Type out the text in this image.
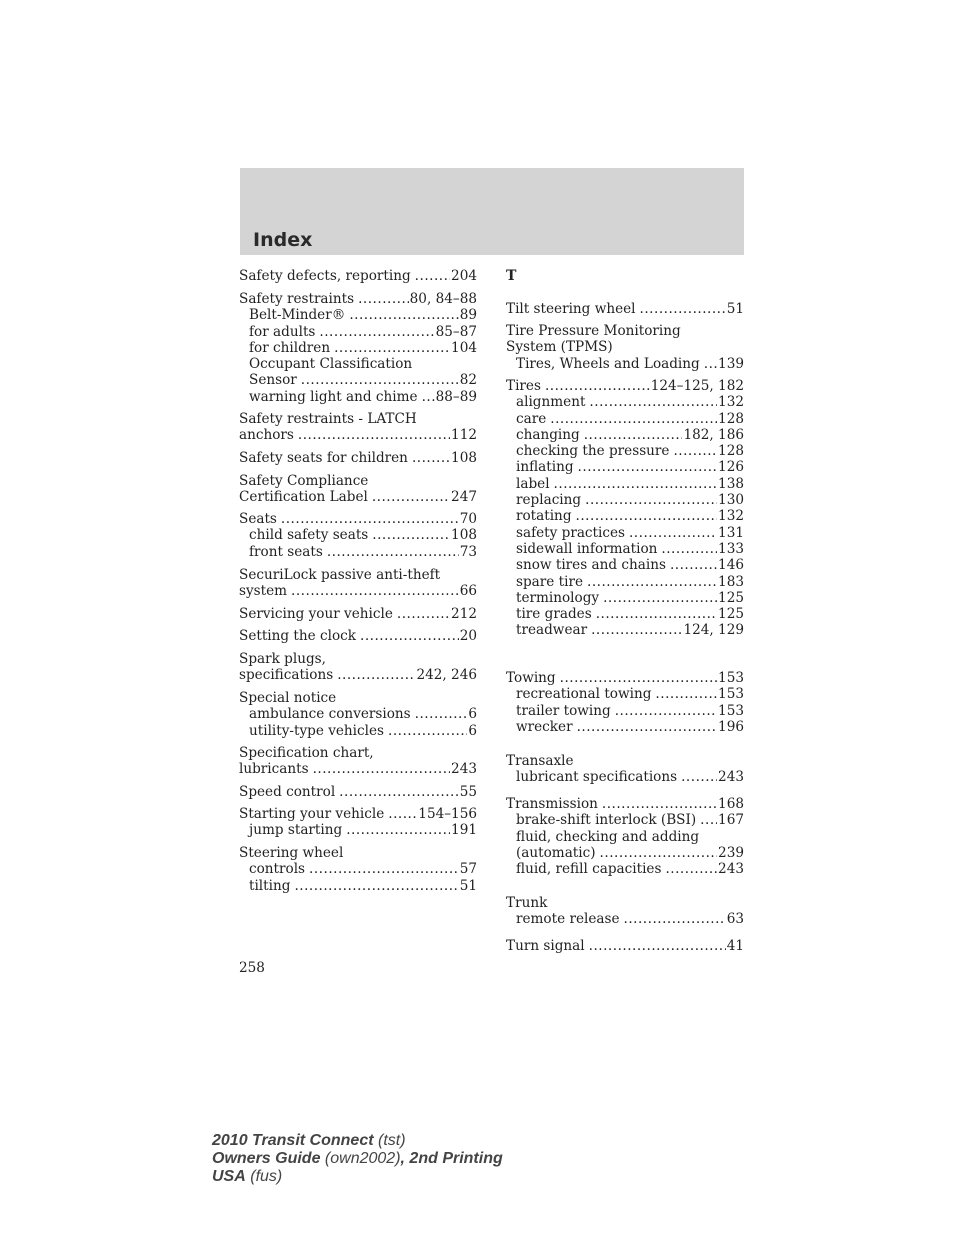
Index
Safety defects, reporting .....	204
Safety restraints .....	80, 84–88
Belt-Minder® .....	89
for adults .....	85–87
for children .....	104
Occupant Classification
Sensor .....	82
warning light and chime ..... 88–89
Safety restraints - LATCH
anchors .....	112
Safety seats for children .....	108
Safety Compliance
Certification Label .....	247
Seats .....	70
child safety seats .....	108
front seats .....	73
SecuriLock passive anti-theft
system .....	66
Servicing your vehicle .....	212
Setting the clock .....	20
Spark plugs,
specifications .....	242, 246
Special notice
ambulance conversions .....	6
utility-type vehicles .....	6
Specification chart,
lubricants .....	243
Speed control .....	55
Starting your vehicle .....	154–156
jump starting .....	191
Steering wheel
controls .....	57
tilting .....	51
T
Tilt steering wheel .....	51
Tire Pressure Monitoring
System (TPMS)
Tires, Wheels and Loading ..... 139
Tires .....	124–125, 182
alignment .....	132
care .....	128
changing .....	182, 186
checking the pressure .....	128
inflating .....	126
label .....	138
replacing .....	130
rotating .....	132
safety practices .....	131
sidewall information .....	133
snow tires and chains .....	146
spare tire .....	183
terminology .....	125
tire grades .....	125
treadwear .....	124, 129
Towing .....	153
recreational towing .....	153
trailer towing .....	153
wrecker .....	196
Transaxle
lubricant specifications .....	243
Transmission .....	168
brake-shift interlock (BSI) ..... 167
fluid, checking and adding
(automatic) .....	239
fluid, refill capacities .....	243
Trunk
remote release .....	63
Turn signal .....	41
258
2010 Transit Connect (tst)
Owners Guide (own2002), 2nd Printing
USA (fus)
